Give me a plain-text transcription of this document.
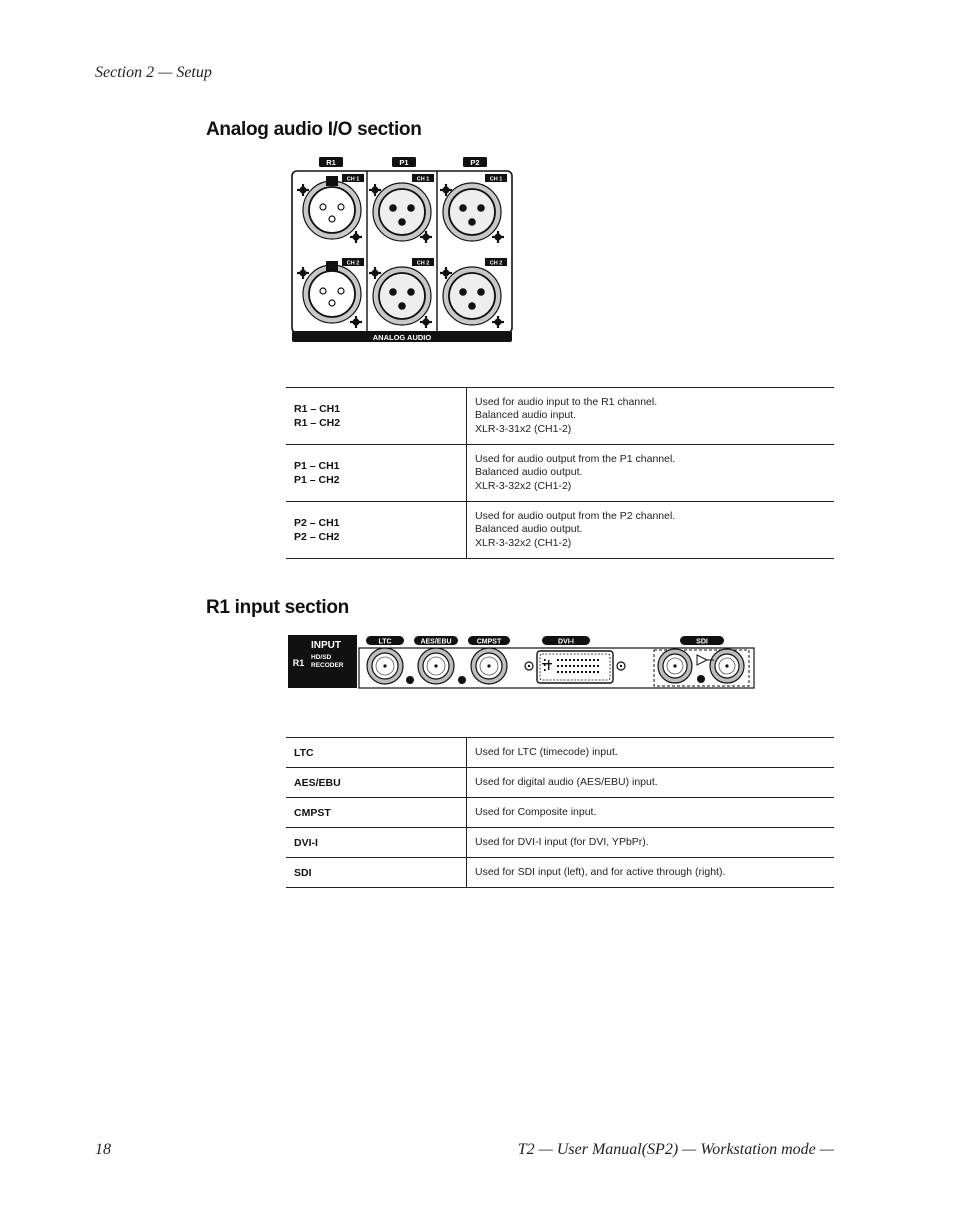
Section 2 — Setup
Analog audio I/O section
R1	P1	P2
ANALOG AUDIO
CH 1
CH 2
CH 1
CH 2
CH 1
CH 2
R1 – CH1
R1 – CH2	Used for audio input to the R1 channel.
Balanced audio input.
XLR-3-31x2 (CH1-2)

P1 – CH1
P1 – CH2	Used for audio output from the P1 channel.
Balanced audio output.
XLR-3-32x2 (CH1-2)

P2 – CH1
P2 – CH2	Used for audio output from the P2 channel.
Balanced audio output.
XLR-3-32x2 (CH1-2)
R1 input section
R1
INPUT
HD/SD
RECODER
LTC	AES/EBU	CMPST	DVI-I	SDI
LTC	Used for LTC (timecode) input.
AES/EBU	Used for digital audio (AES/EBU) input.
CMPST	Used for Composite input.
DVI-I	Used for DVI-I input (for DVI, YPbPr).
SDI	Used for SDI input (left), and for active through (right).
18	T2 — User Manual(SP2) — Workstation mode —
